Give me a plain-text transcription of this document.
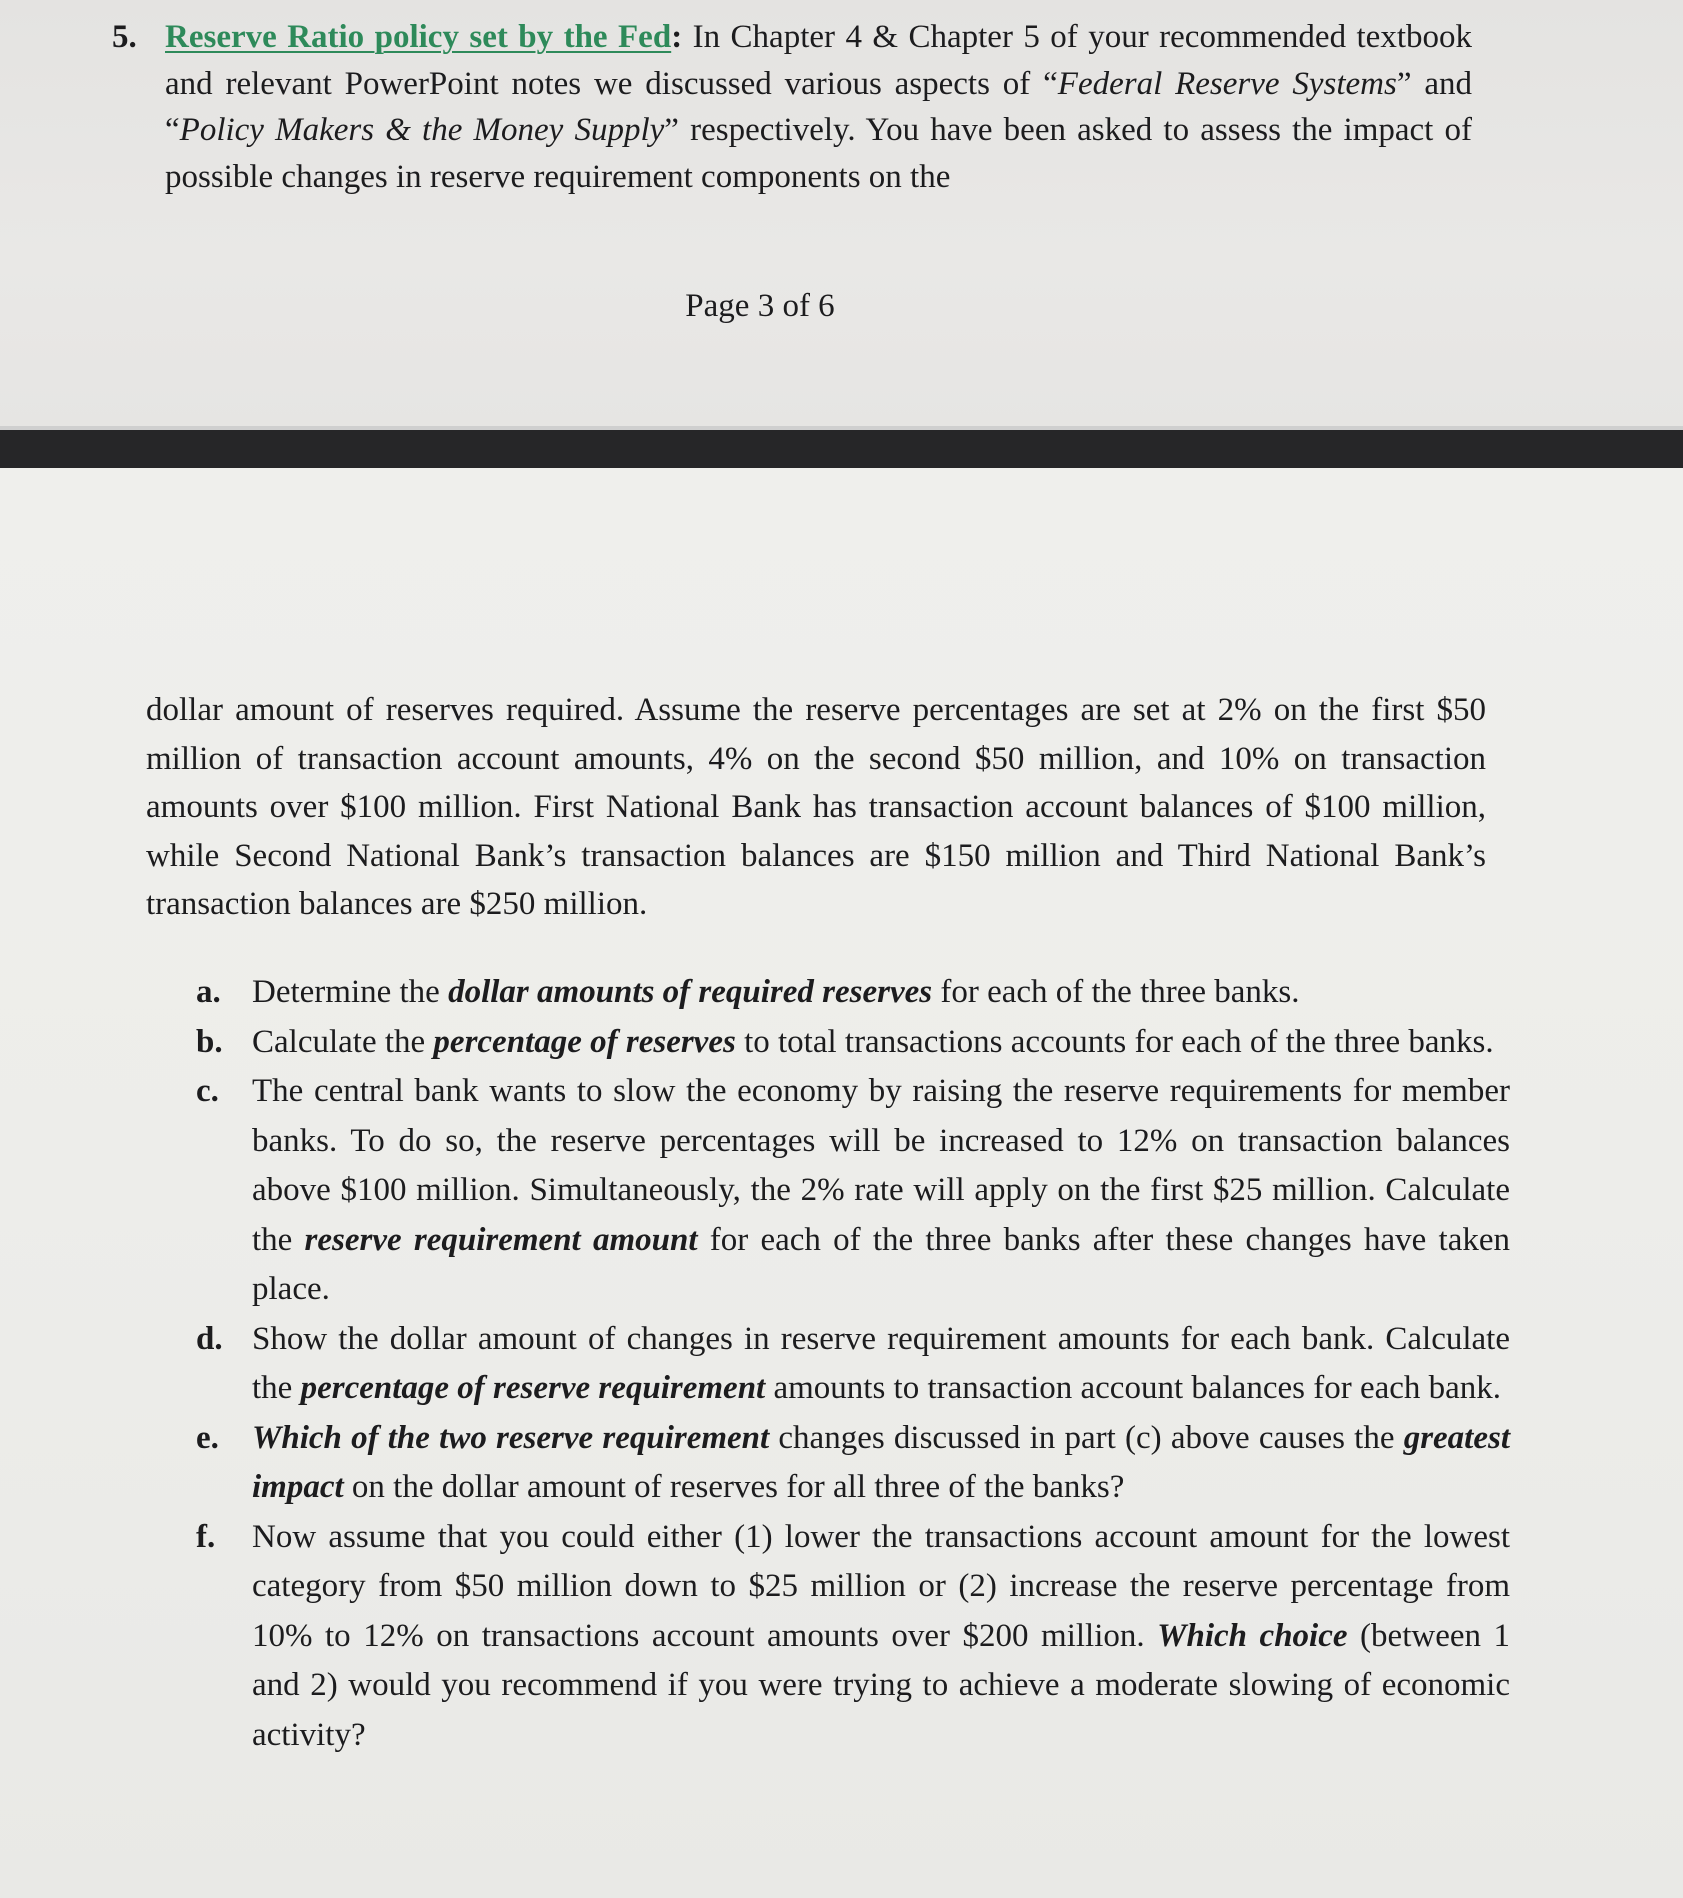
5. Reserve Ratio policy set by the Fed: In Chapter 4 & Chapter 5 of your recommended textbook and relevant PowerPoint notes we discussed various aspects of “Federal Reserve Systems” and “Policy Makers & the Money Supply” respectively. You have been asked to assess the impact of possible changes in reserve requirement components on the
Page 3 of 6
dollar amount of reserves required. Assume the reserve percentages are set at 2% on the first $50 million of transaction account amounts, 4% on the second $50 million, and 10% on transaction amounts over $100 million. First National Bank has transaction account balances of $100 million, while Second National Bank’s transaction balances are $150 million and Third National Bank’s transaction balances are $250 million.
a. Determine the dollar amounts of required reserves for each of the three banks.
b. Calculate the percentage of reserves to total transactions accounts for each of the three banks.
c. The central bank wants to slow the economy by raising the reserve requirements for member banks. To do so, the reserve percentages will be increased to 12% on transaction balances above $100 million. Simultaneously, the 2% rate will apply on the first $25 million. Calculate the reserve requirement amount for each of the three banks after these changes have taken place.
d. Show the dollar amount of changes in reserve requirement amounts for each bank. Calculate the percentage of reserve requirement amounts to transaction account balances for each bank.
e. Which of the two reserve requirement changes discussed in part (c) above causes the greatest impact on the dollar amount of reserves for all three of the banks?
f. Now assume that you could either (1) lower the transactions account amount for the lowest category from $50 million down to $25 million or (2) increase the reserve percentage from 10% to 12% on transactions account amounts over $200 million. Which choice (between 1 and 2) would you recommend if you were trying to achieve a moderate slowing of economic activity?
